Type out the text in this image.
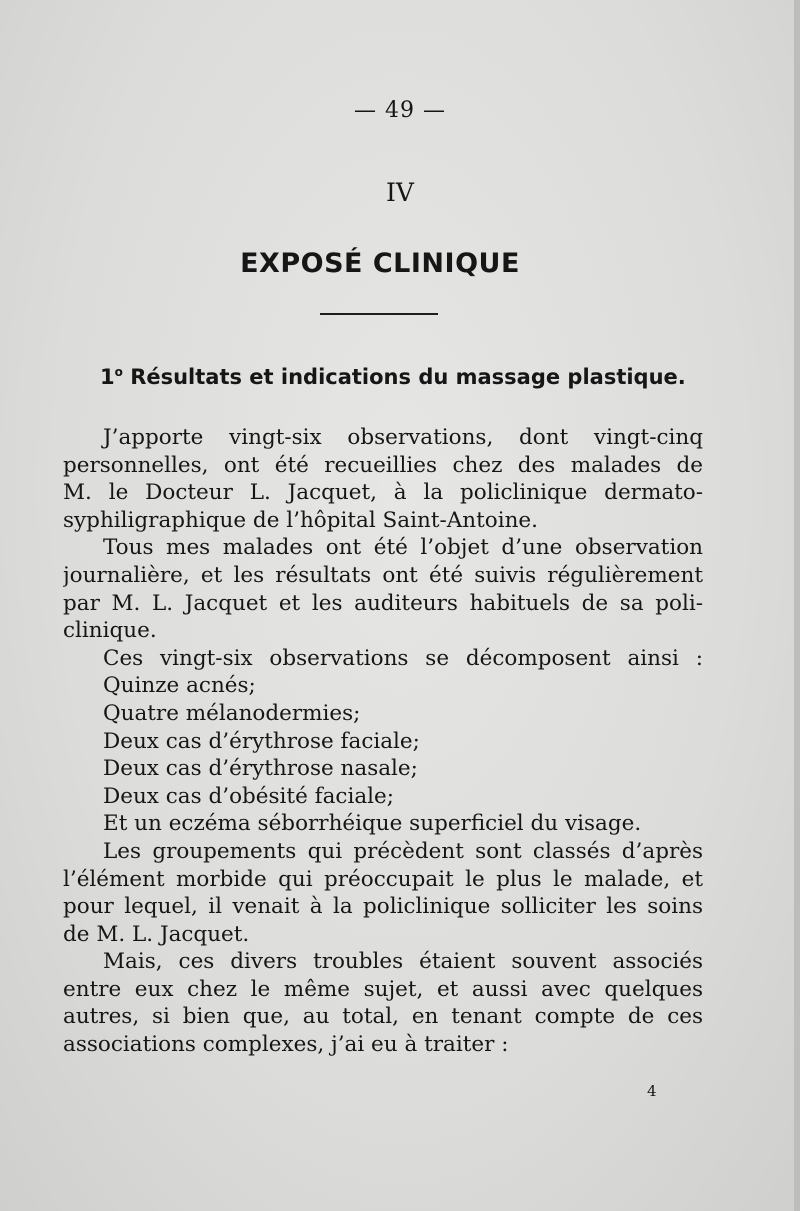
— 49 —
IV
EXPOSÉ CLINIQUE
1$^o$ Résultats et indications du massage plastique.
J’apporte vingt-six observations, dont vingt-cinq
personnelles, ont été recueillies chez des malades de
M. le Docteur L. Jacquet, à la policlinique dermato-
syphiligraphique de l’hôpital Saint-Antoine.
Tous mes malades ont été l’objet d’une observation
journalière, et les résultats ont été suivis régulièrement
par M. L. Jacquet et les auditeurs habituels de sa poli-
clinique.
Ces vingt-six observations se décomposent ainsi :
Quinze acnés;
Quatre mélanodermies;
Deux cas d’érythrose faciale;
Deux cas d’érythrose nasale;
Deux cas d’obésité faciale;
Et un eczéma séborrhéique superficiel du visage.
Les groupements qui précèdent sont classés d’après
l’élément morbide qui préoccupait le plus le malade, et
pour lequel, il venait à la policlinique solliciter les soins
de M. L. Jacquet.
Mais, ces divers troubles étaient souvent associés
entre eux chez le même sujet, et aussi avec quelques
autres, si bien que, au total, en tenant compte de ces
associations complexes, j’ai eu à traiter :
4
